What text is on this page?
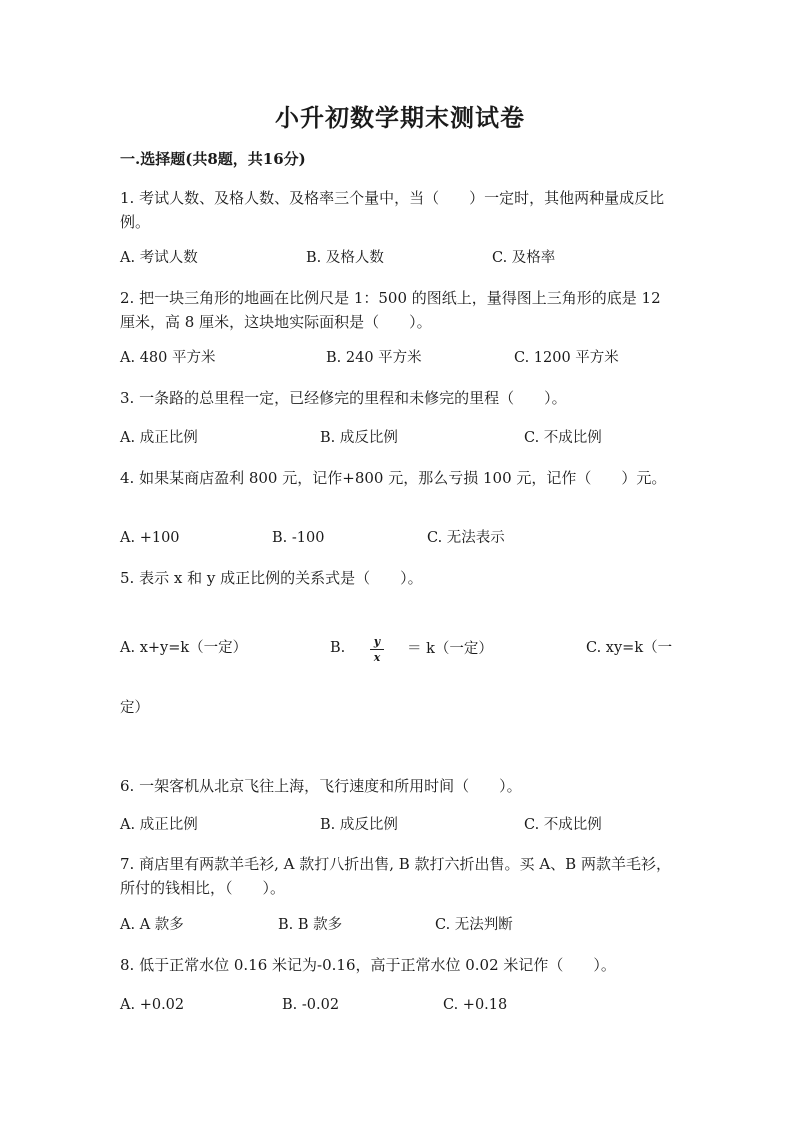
小升初数学期末测试卷
一.选择题(共8题，共16分)
1. 考试人数、及格人数、及格率三个量中，当（　　）一定时，其他两种量成反比例。
A. 考试人数	B. 及格人数	C. 及格率
2. 把一块三角形的地画在比例尺是 1：500 的图纸上，量得图上三角形的底是 12 厘米，高 8 厘米，这块地实际面积是（　　）。
A. 480 平方米	B. 240 平方米	C. 1200 平方米
3. 一条路的总里程一定，已经修完的里程和未修完的里程（　　）。
A. 成正比例	B. 成反比例	C. 不成比例
4. 如果某商店盈利 800 元，记作+800 元，那么亏损 100 元，记作（　　）元。
A. +100	B. -100	C. 无法表示
5. 表示 x 和 y 成正比例的关系式是（　　）。
A. x+y=k（一定）	B.	y
x
＝ k（一定）	C. xy=k（一
定）
6. 一架客机从北京飞往上海，飞行速度和所用时间（　　）。
A. 成正比例	B. 成反比例	C. 不成比例
7. 商店里有两款羊毛衫, A 款打八折出售, B 款打六折出售。买 A、B 两款羊毛衫，所付的钱相比，（　　）。
A. A 款多	B. B 款多	C. 无法判断
8. 低于正常水位 0.16 米记为-0.16，高于正常水位 0.02 米记作（　　）。
A. +0.02	B. -0.02	C. +0.18
